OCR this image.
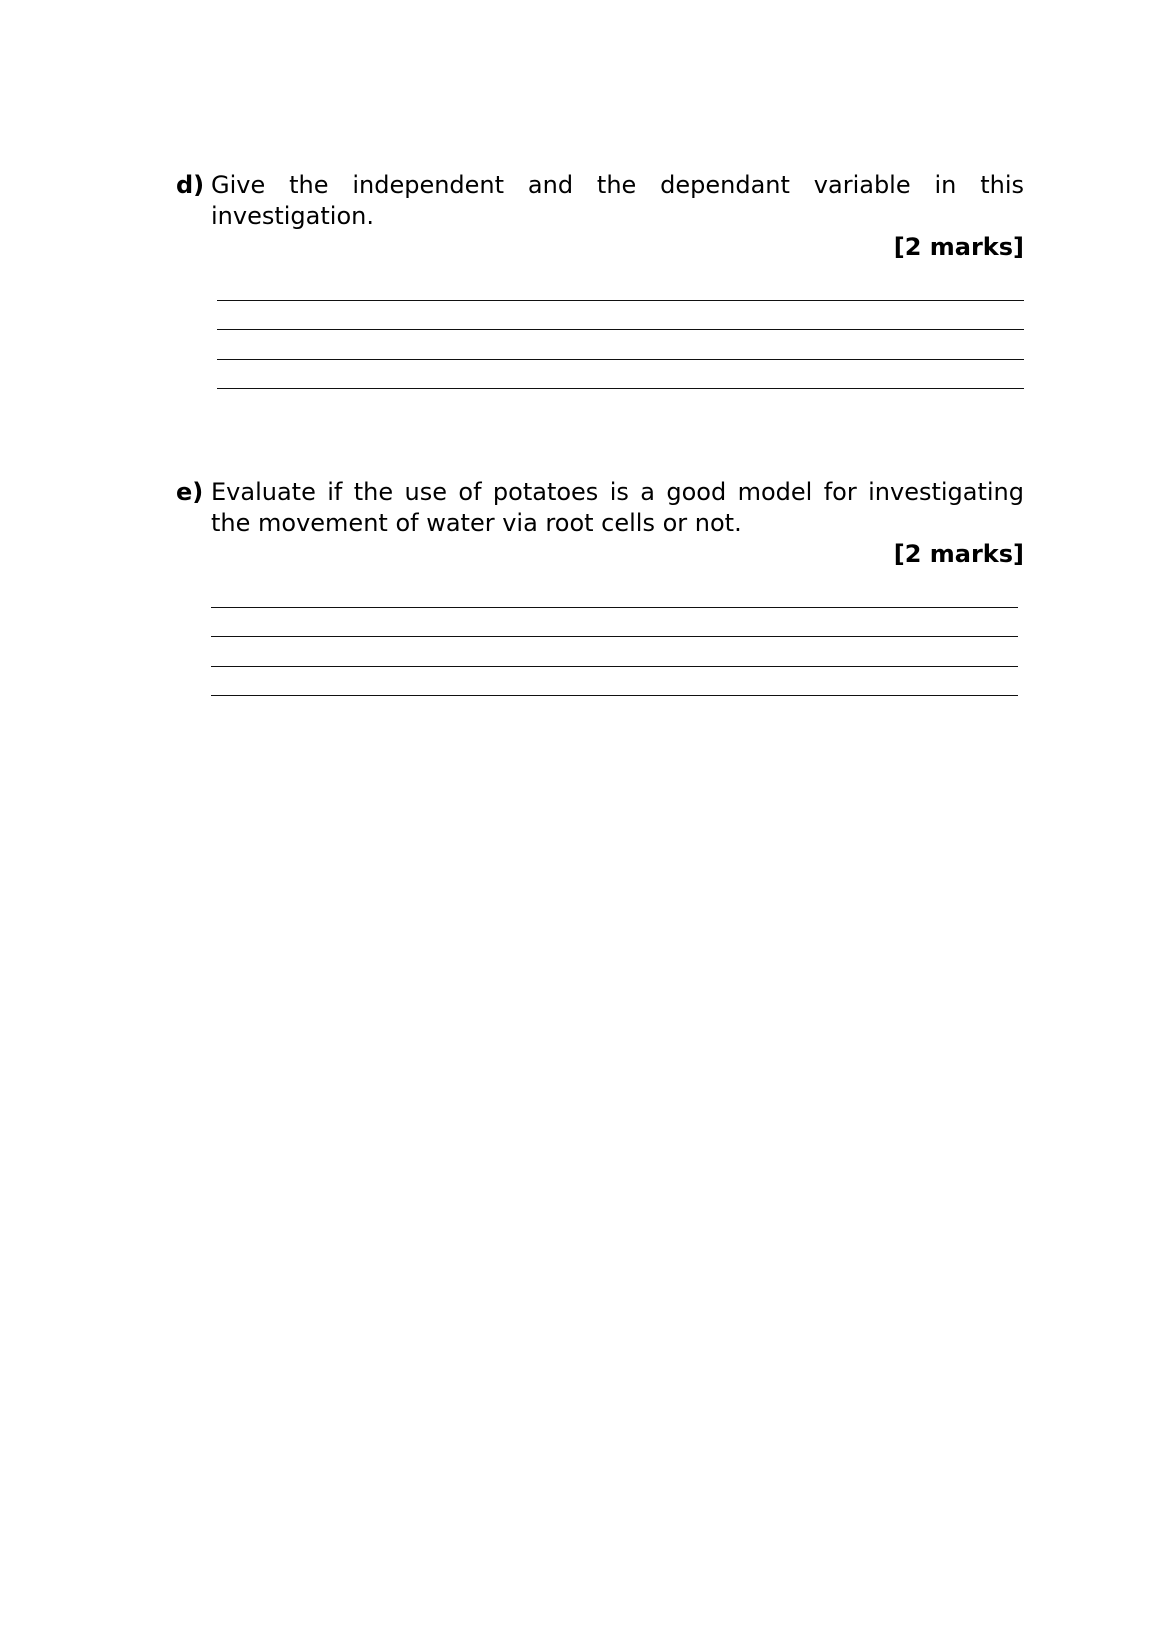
d) Give the independent and the dependant variable in this investigation.
[2 marks]
e) Evaluate if the use of potatoes is a good model for investigating the movement of water via root cells or not.
[2 marks]
